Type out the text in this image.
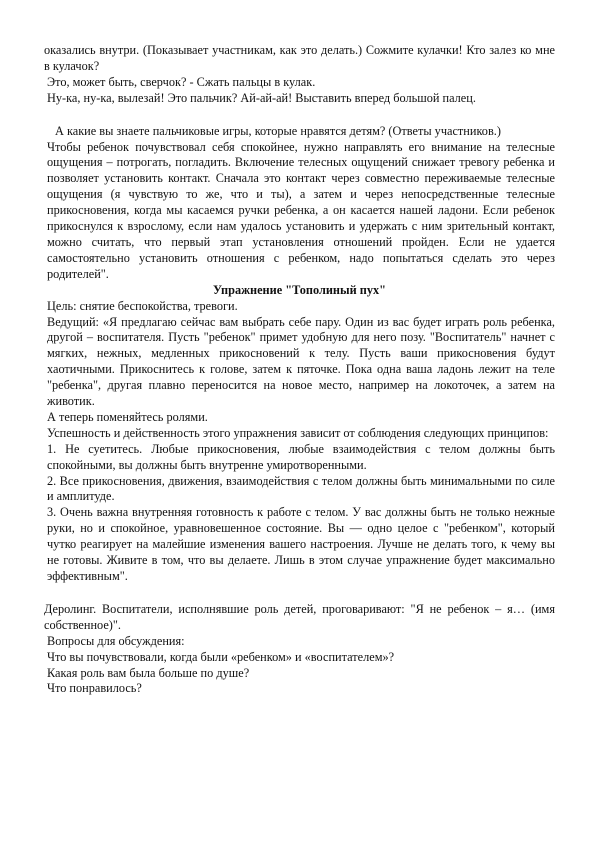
оказались внутри. (Показывает участникам, как это делать.) Сожмите кулачки! Кто залез ко мне в кулачок?

Это, может быть, сверчок? - Сжать пальцы в кулак.

Ну-ка, ну-ка, вылезай! Это пальчик? Ай-ай-ай! Выставить вперед большой палец.

А какие вы знаете пальчиковые игры, которые нравятся детям? (Ответы участников.)

Чтобы ребенок почувствовал себя спокойнее, нужно направлять его внимание на телесные ощущения – потрогать, погладить. Включение телесных ощущений снижает тревогу ребенка и позволяет установить контакт. Сначала это контакт через совместно переживаемые телесные ощущения (я чувствую то же, что и ты), а затем и через непосредственные телесные прикосновения, когда мы касаемся ручки ребенка, а он касается нашей ладони. Если ребенок прикоснулся к взрослому, если нам удалось установить и удержать с ним зрительный контакт, можно считать, что первый этап установления отношений пройден. Если не удается самостоятельно установить отношения с ребенком, надо попытаться сделать это через родителей".

Упражнение "Тополиный пух"

Цель: снятие беспокойства, тревоги.

Ведущий: «Я предлагаю сейчас вам выбрать себе пару. Один из вас будет играть роль ребенка, другой – воспитателя. Пусть "ребенок" примет удобную для него позу. "Воспитатель" начнет с мягких, нежных, медленных прикосновений к телу. Пусть ваши прикосновения будут хаотичными. Прикоснитесь к голове, затем к пяточке. Пока одна ваша ладонь лежит на теле "ребенка", другая плавно переносится на новое место, например на локоточек, а затем на животик.

А теперь поменяйтесь ролями.

Успешность и действенность этого упражнения зависит от соблюдения следующих принципов:

1. Не суетитесь. Любые прикосновения, любые взаимодействия с телом должны быть спокойными, вы должны быть внутренне умиротворенными.

2. Все прикосновения, движения, взаимодействия с телом должны быть минимальными по силе и амплитуде.

3. Очень важна внутренняя готовность к работе с телом. У вас должны быть не только нежные руки, но и спокойное, уравновешенное состояние. Вы — одно целое с "ребенком", который чутко реагирует на малейшие изменения вашего настроения. Лучше не делать того, к чему вы не готовы. Живите в том, что вы делаете. Лишь в этом случае упражнение будет максимально эффективным".

Деролинг. Воспитатели, исполнявшие роль детей, проговаривают: "Я не ребенок – я… (имя собственное)".

Вопросы для обсуждения:

Что вы почувствовали, когда были «ребенком» и «воспитателем»?

Какая роль вам была больше по душе?

Что понравилось?
